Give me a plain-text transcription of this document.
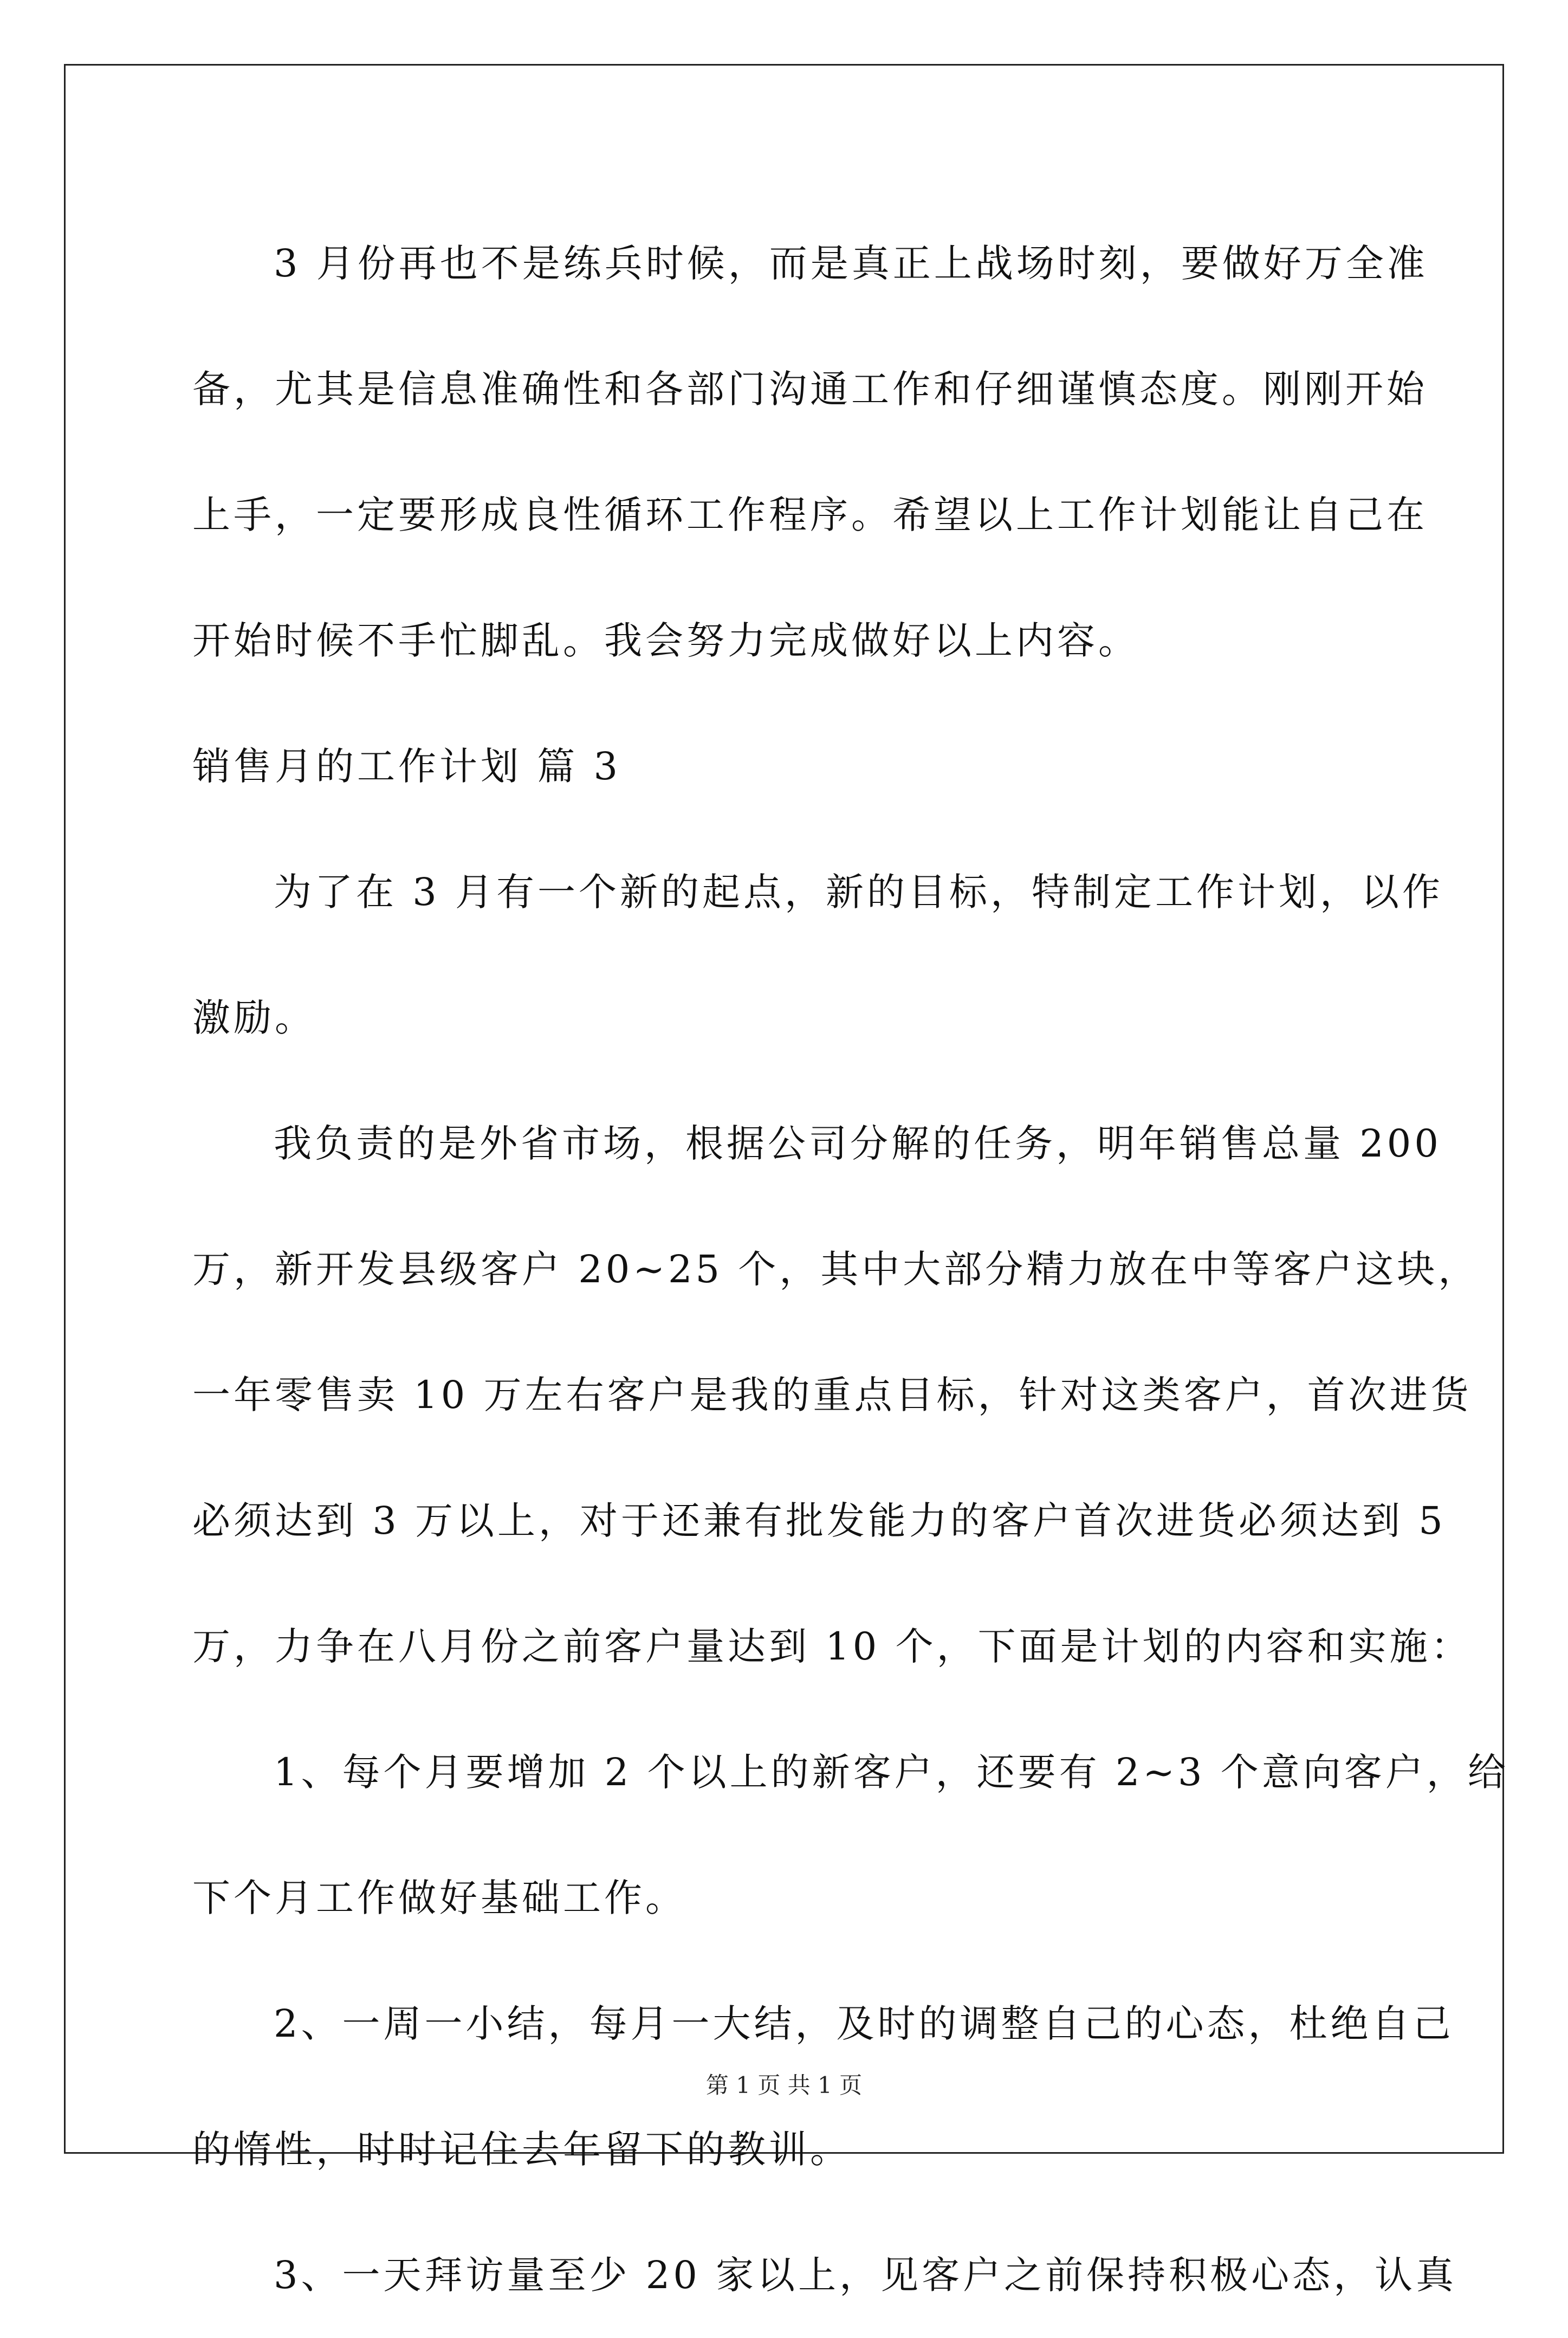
3 月份再也不是练兵时候，而是真正上战场时刻，要做好万全准
备，尤其是信息准确性和各部门沟通工作和仔细谨慎态度。刚刚开始
上手，一定要形成良性循环工作程序。希望以上工作计划能让自己在
开始时候不手忙脚乱。我会努力完成做好以上内容。
销售月的工作计划 篇 3
为了在 3 月有一个新的起点，新的目标，特制定工作计划，以作
激励。
我负责的是外省市场，根据公司分解的任务，明年销售总量 200
万，新开发县级客户 20~25 个，其中大部分精力放在中等客户这块，
一年零售卖 10 万左右客户是我的重点目标，针对这类客户，首次进货
必须达到 3 万以上，对于还兼有批发能力的客户首次进货必须达到 5
万，力争在八月份之前客户量达到 10 个，下面是计划的内容和实施：
1、每个月要增加 2 个以上的新客户，还要有 2~3 个意向客户，给
下个月工作做好基础工作。
2、一周一小结，每月一大结，及时的调整自己的心态，杜绝自己
的惰性，时时记住去年留下的教训。
3、一天拜访量至少 20 家以上，见客户之前保持积极心态，认真
第 1 页 共 1 页
